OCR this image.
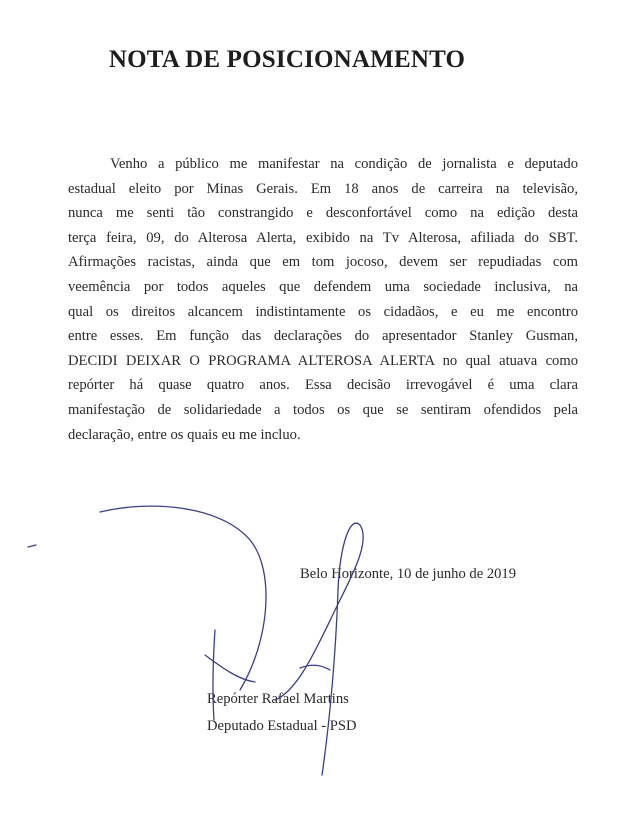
NOTA DE POSICIONAMENTO
Venho a público me manifestar na condição de jornalista e deputado
estadual eleito por Minas Gerais. Em 18 anos de carreira na televisão,
nunca me senti tão constrangido e desconfortável como na edição desta
terça feira, 09, do Alterosa Alerta, exibido na Tv Alterosa, afiliada do SBT.
Afirmações racistas, ainda que em tom jocoso, devem ser repudiadas com
veemência por todos aqueles que defendem uma sociedade inclusiva, na
qual os direitos alcancem indistintamente os cidadãos, e eu me encontro
entre esses. Em função das declarações do apresentador Stanley Gusman,
DECIDI DEIXAR O PROGRAMA ALTEROSA ALERTA no qual atuava como
repórter há quase quatro anos. Essa decisão irrevogável é uma clara
manifestação de solidariedade a todos os que se sentiram ofendidos pela
declaração, entre os quais eu me incluo.
Belo Horizonte, 10 de junho de 2019
Repórter Rafael Martins
Deputado Estadual - PSD
